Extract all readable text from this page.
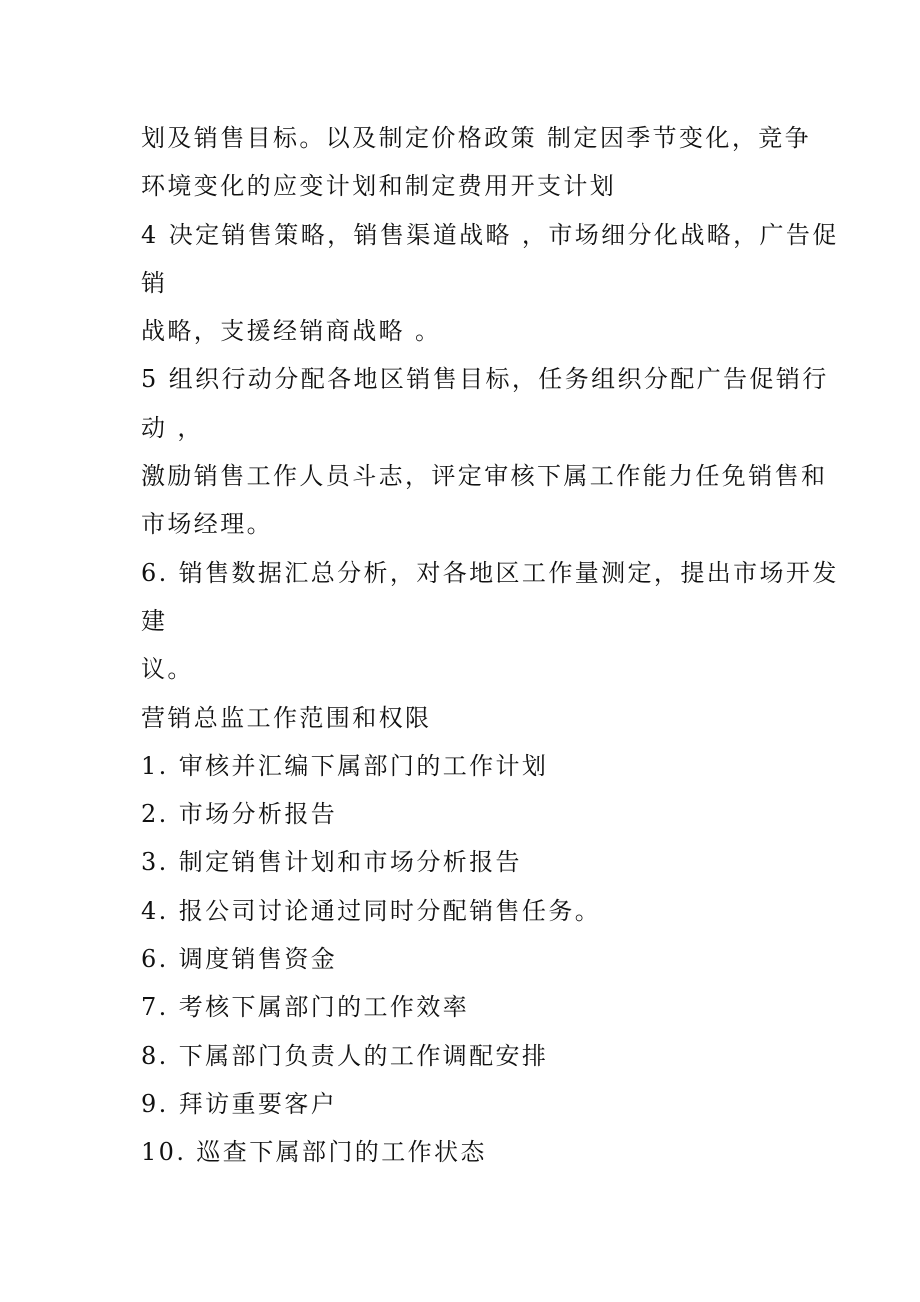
划及销售目标。以及制定价格政策 制定因季节变化，竞争
环境变化的应变计划和制定费用开支计划
4 决定销售策略，销售渠道战略 ，市场细分化战略，广告促
销
战略，支援经销商战略 。
5 组织行动分配各地区销售目标，任务组织分配广告促销行
动 ，
激励销售工作人员斗志，评定审核下属工作能力任免销售和
市场经理。
6. 销售数据汇总分析，对各地区工作量测定，提出市场开发
建
议。
营销总监工作范围和权限
1. 审核并汇编下属部门的工作计划
2. 市场分析报告
3. 制定销售计划和市场分析报告
4. 报公司讨论通过同时分配销售任务。
6. 调度销售资金
7. 考核下属部门的工作效率
8. 下属部门负责人的工作调配安排
9. 拜访重要客户
10. 巡查下属部门的工作状态
